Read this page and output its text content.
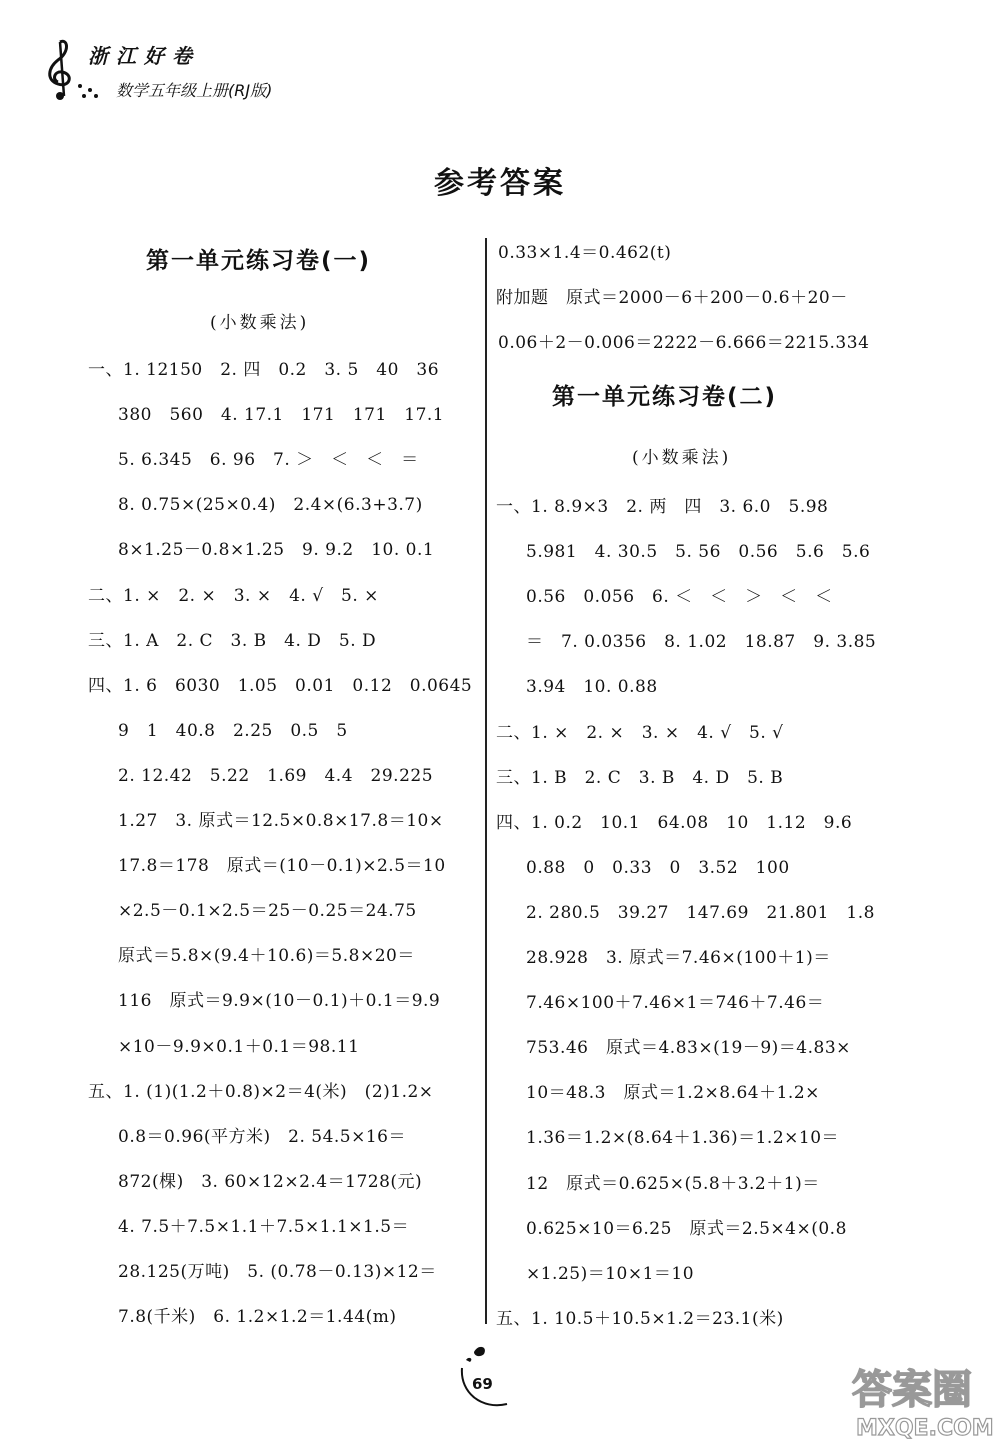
浙江好卷
数学五年级上册(RJ版)
参考答案
第一单元练习卷(一)
(小数乘法)
一、1. 12150　2. 四　0.2　3. 5　40　36
380　560　4. 17.1　171　171　17.1
5. 6.345　6. 96　7. ＞　＜　＜　＝
8. 0.75×(25×0.4)　2.4×(6.3+3.7)
8×1.25－0.8×1.25　9. 9.2　10. 0.1
二、1. ×　2. ×　3. ×　4. √　5. ×
三、1. A　2. C　3. B　4. D　5. D
四、1. 6　6030　1.05　0.01　0.12　0.0645
9　1　40.8　2.25　0.5　5
2. 12.42　5.22　1.69　4.4　29.225
1.27　3. 原式＝12.5×0.8×17.8＝10×
17.8＝178　原式＝(10－0.1)×2.5＝10
×2.5－0.1×2.5＝25－0.25＝24.75
原式＝5.8×(9.4＋10.6)＝5.8×20＝
116　原式＝9.9×(10－0.1)＋0.1＝9.9
×10－9.9×0.1＋0.1＝98.11
五、1. (1)(1.2＋0.8)×2＝4(米)　(2)1.2×
0.8＝0.96(平方米)　2. 54.5×16＝
872(棵)　3. 60×12×2.4＝1728(元)
4. 7.5＋7.5×1.1＋7.5×1.1×1.5＝
28.125(万吨)　5. (0.78－0.13)×12＝
7.8(千米)　6. 1.2×1.2＝1.44(m)
0.33×1.4＝0.462(t)
附加题　原式＝2000－6＋200－0.6＋20－
0.06＋2－0.006＝2222－6.666＝2215.334
第一单元练习卷(二)
(小数乘法)
一、1. 8.9×3　2. 两　四　3. 6.0　5.98
5.981　4. 30.5　5. 56　0.56　5.6　5.6
0.56　0.056　6. ＜　＜　＞　＜　＜
＝　7. 0.0356　8. 1.02　18.87　9. 3.85
3.94　10. 0.88
二、1. ×　2. ×　3. ×　4. √　5. √
三、1. B　2. C　3. B　4. D　5. B
四、1. 0.2　10.1　64.08　10　1.12　9.6
0.88　0　0.33　0　3.52　100
2. 280.5　39.27　147.69　21.801　1.8
28.928　3. 原式＝7.46×(100＋1)＝
7.46×100＋7.46×1＝746＋7.46＝
753.46　原式＝4.83×(19－9)＝4.83×
10＝48.3　原式＝1.2×8.64＋1.2×
1.36＝1.2×(8.64＋1.36)＝1.2×10＝
12　原式＝0.625×(5.8＋3.2＋1)＝
0.625×10＝6.25　原式＝2.5×4×(0.8
×1.25)＝10×1＝10
五、1. 10.5＋10.5×1.2＝23.1(米)
69	答案圈
MXQE.COM
